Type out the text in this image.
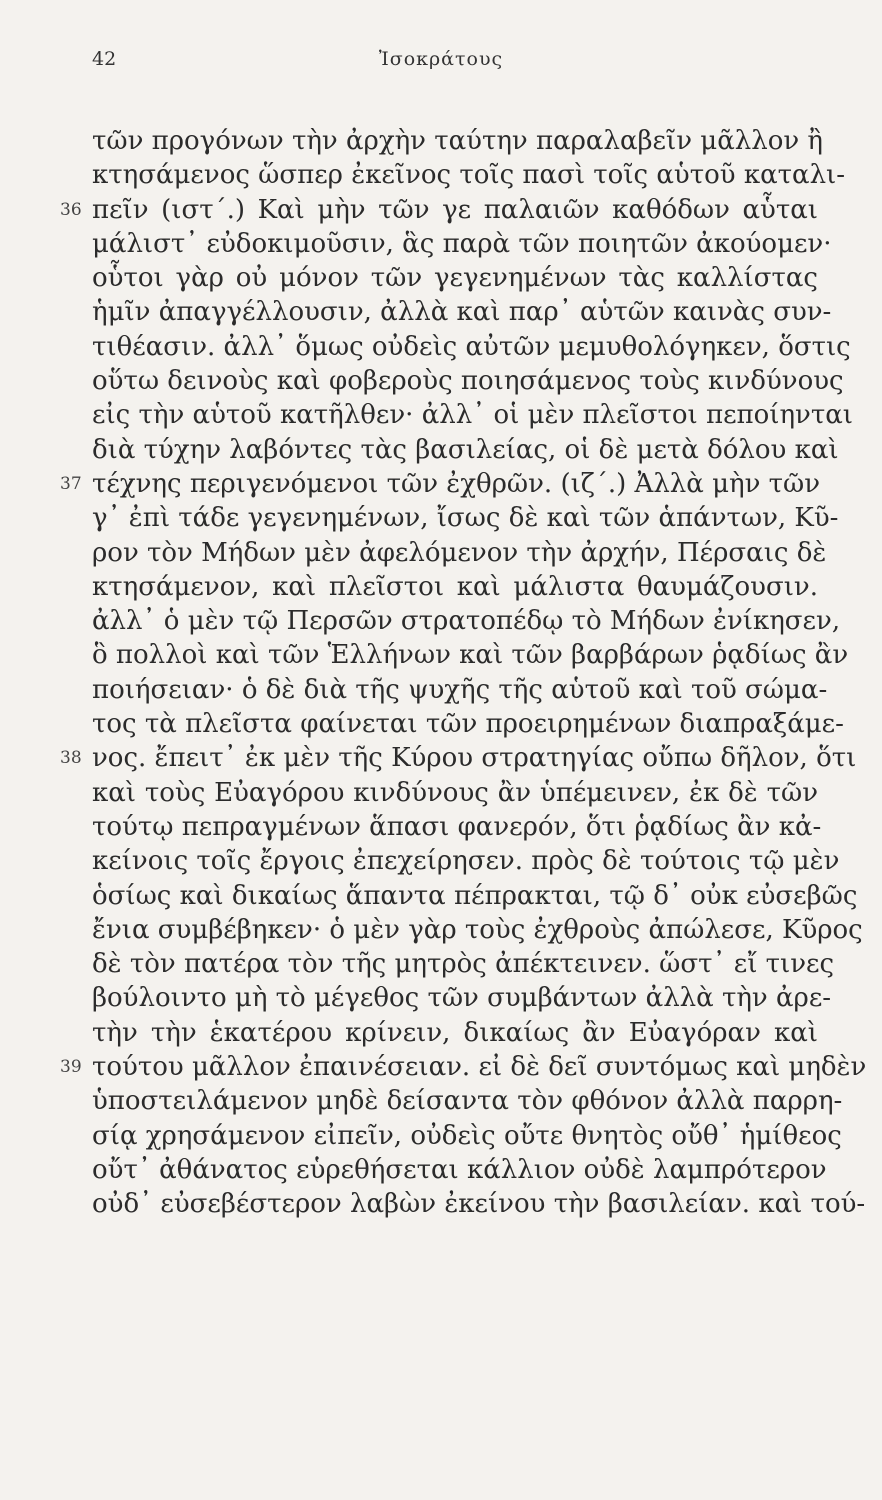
42	Ἰσοκράτους
τῶν προγόνων τὴν ἀρχὴν ταύτην παραλαβεῖν μᾶλλον ἢ
κτησάμενος ὥσπερ ἐκεῖνος τοῖς πασὶ τοῖς αὑτοῦ καταλι-
36 πεῖν (ιστ΄.) Καὶ μὴν τῶν γε παλαιῶν καθόδων αὗται
μάλιστ᾽ εὐδοκιμοῦσιν, ἃς παρὰ τῶν ποιητῶν ἀκούομεν·
οὗτοι γὰρ οὐ μόνον τῶν γεγενημένων τὰς καλλίστας
ἡμῖν ἀπαγγέλλουσιν, ἀλλὰ καὶ παρ᾽ αὑτῶν καινὰς συν-
τιθέασιν. ἀλλ᾽ ὅμως οὐδεὶς αὐτῶν μεμυθολόγηκεν, ὅστις
οὕτω δεινοὺς καὶ φοβεροὺς ποιησάμενος τοὺς κινδύνους
εἰς τὴν αὑτοῦ κατῆλθεν· ἀλλ᾽ οἱ μὲν πλεῖστοι πεποίηνται
διὰ τύχην λαβόντες τὰς βασιλείας, οἱ δὲ μετὰ δόλου καὶ
37 τέχνης περιγενόμενοι τῶν ἐχθρῶν. (ιζ΄.) Ἀλλὰ μὴν τῶν
γ᾽ ἐπὶ τάδε γεγενημένων, ἴσως δὲ καὶ τῶν ἁπάντων, Κῦ-
ρον τὸν Μήδων μὲν ἀφελόμενον τὴν ἀρχήν, Πέρσαις δὲ
κτησάμενον, καὶ πλεῖστοι καὶ μάλιστα θαυμάζουσιν.
ἀλλ᾽ ὁ μὲν τῷ Περσῶν στρατοπέδῳ τὸ Μήδων ἐνίκησεν,
ὃ πολλοὶ καὶ τῶν Ἑλλήνων καὶ τῶν βαρβάρων ῥᾳδίως ἂν
ποιήσειαν· ὁ δὲ διὰ τῆς ψυχῆς τῆς αὑτοῦ καὶ τοῦ σώμα-
τος τὰ πλεῖστα φαίνεται τῶν προειρημένων διαπραξάμε-
38 νος. ἔπειτ᾽ ἐκ μὲν τῆς Κύρου στρατηγίας οὔπω δῆλον, ὅτι
καὶ τοὺς Εὐαγόρου κινδύνους ἂν ὑπέμεινεν, ἐκ δὲ τῶν
τούτῳ πεπραγμένων ἅπασι φανερόν, ὅτι ῥᾳδίως ἂν κἀ-
κείνοις τοῖς ἔργοις ἐπεχείρησεν. πρὸς δὲ τούτοις τῷ μὲν
ὁσίως καὶ δικαίως ἅπαντα πέπρακται, τῷ δ᾽ οὐκ εὐσεβῶς
ἔνια συμβέβηκεν· ὁ μὲν γὰρ τοὺς ἐχθροὺς ἀπώλεσε, Κῦρος
δὲ τὸν πατέρα τὸν τῆς μητρὸς ἀπέκτεινεν. ὥστ᾽ εἴ τινες
βούλοιντο μὴ τὸ μέγεθος τῶν συμβάντων ἀλλὰ τὴν ἀρε-
τὴν τὴν ἑκατέρου κρίνειν, δικαίως ἂν Εὐαγόραν καὶ
39 τούτου μᾶλλον ἐπαινέσειαν. εἰ δὲ δεῖ συντόμως καὶ μηδὲν
ὑποστειλάμενον μηδὲ δείσαντα τὸν φθόνον ἀλλὰ παρρη-
σίᾳ χρησάμενον εἰπεῖν, οὐδεὶς οὔτε θνητὸς οὔθ᾽ ἡμίθεος
οὔτ᾽ ἀθάνατος εὑρεθήσεται κάλλιον οὐδὲ λαμπρότερον
οὐδ᾽ εὐσεβέστερον λαβὼν ἐκείνου τὴν βασιλείαν. καὶ τού-
